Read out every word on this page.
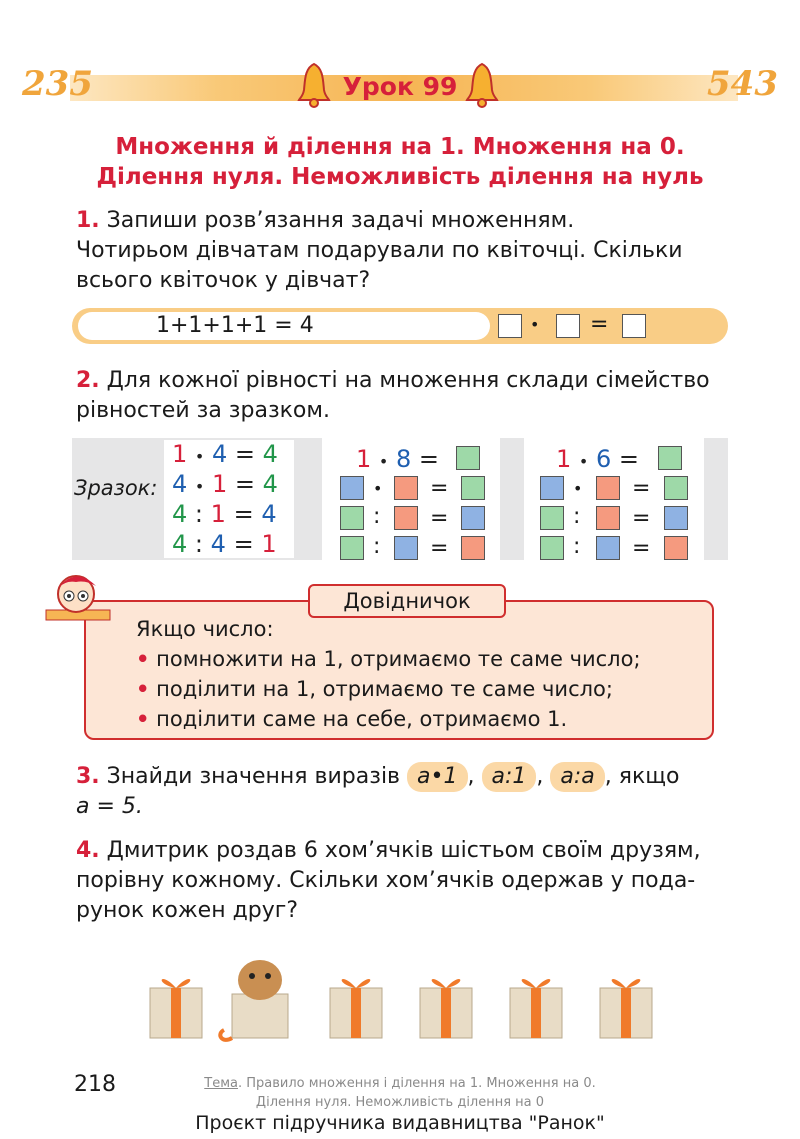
235	543
Урок 99
Множення й ділення на 1. Множення на 0.
Ділення нуля. Неможливість ділення на нуль
1. Запиши розв’язання задачі множенням.
Чотирьом дівчатам подарували по квіточці. Скільки
всього квіточок у дівчат?
1+1+1+1 = 4	• =
2. Для кожної рівності на множення склади сімейство
рівностей за зразком.
Зразок:
1 • 4 = 4
4 • 1 = 4
4 : 1 = 4
4 : 4 = 1
1 • 8 =
• =
: =
: =
1 • 6 =
• =
: =
: =
Довідничок
Якщо число:
• помножити на 1, отримаємо те саме число;
• поділити на 1, отримаємо те саме число;
• поділити саме на себе, отримаємо 1.
3. Знайди значення виразів a•1 , a:1 , a:a , якщо
a = 5.
4. Дмитрик роздав 6 хом’ячків шістьом своїм друзям,
порівну кожному. Скільки хом’ячків одержав у пода-
рунок кожен друг?
218	Тема. Правило множення і ділення на 1. Множення на 0.
Ділення нуля. Неможливість ділення на 0
Проєкт підручника видавництва "Ранок"
